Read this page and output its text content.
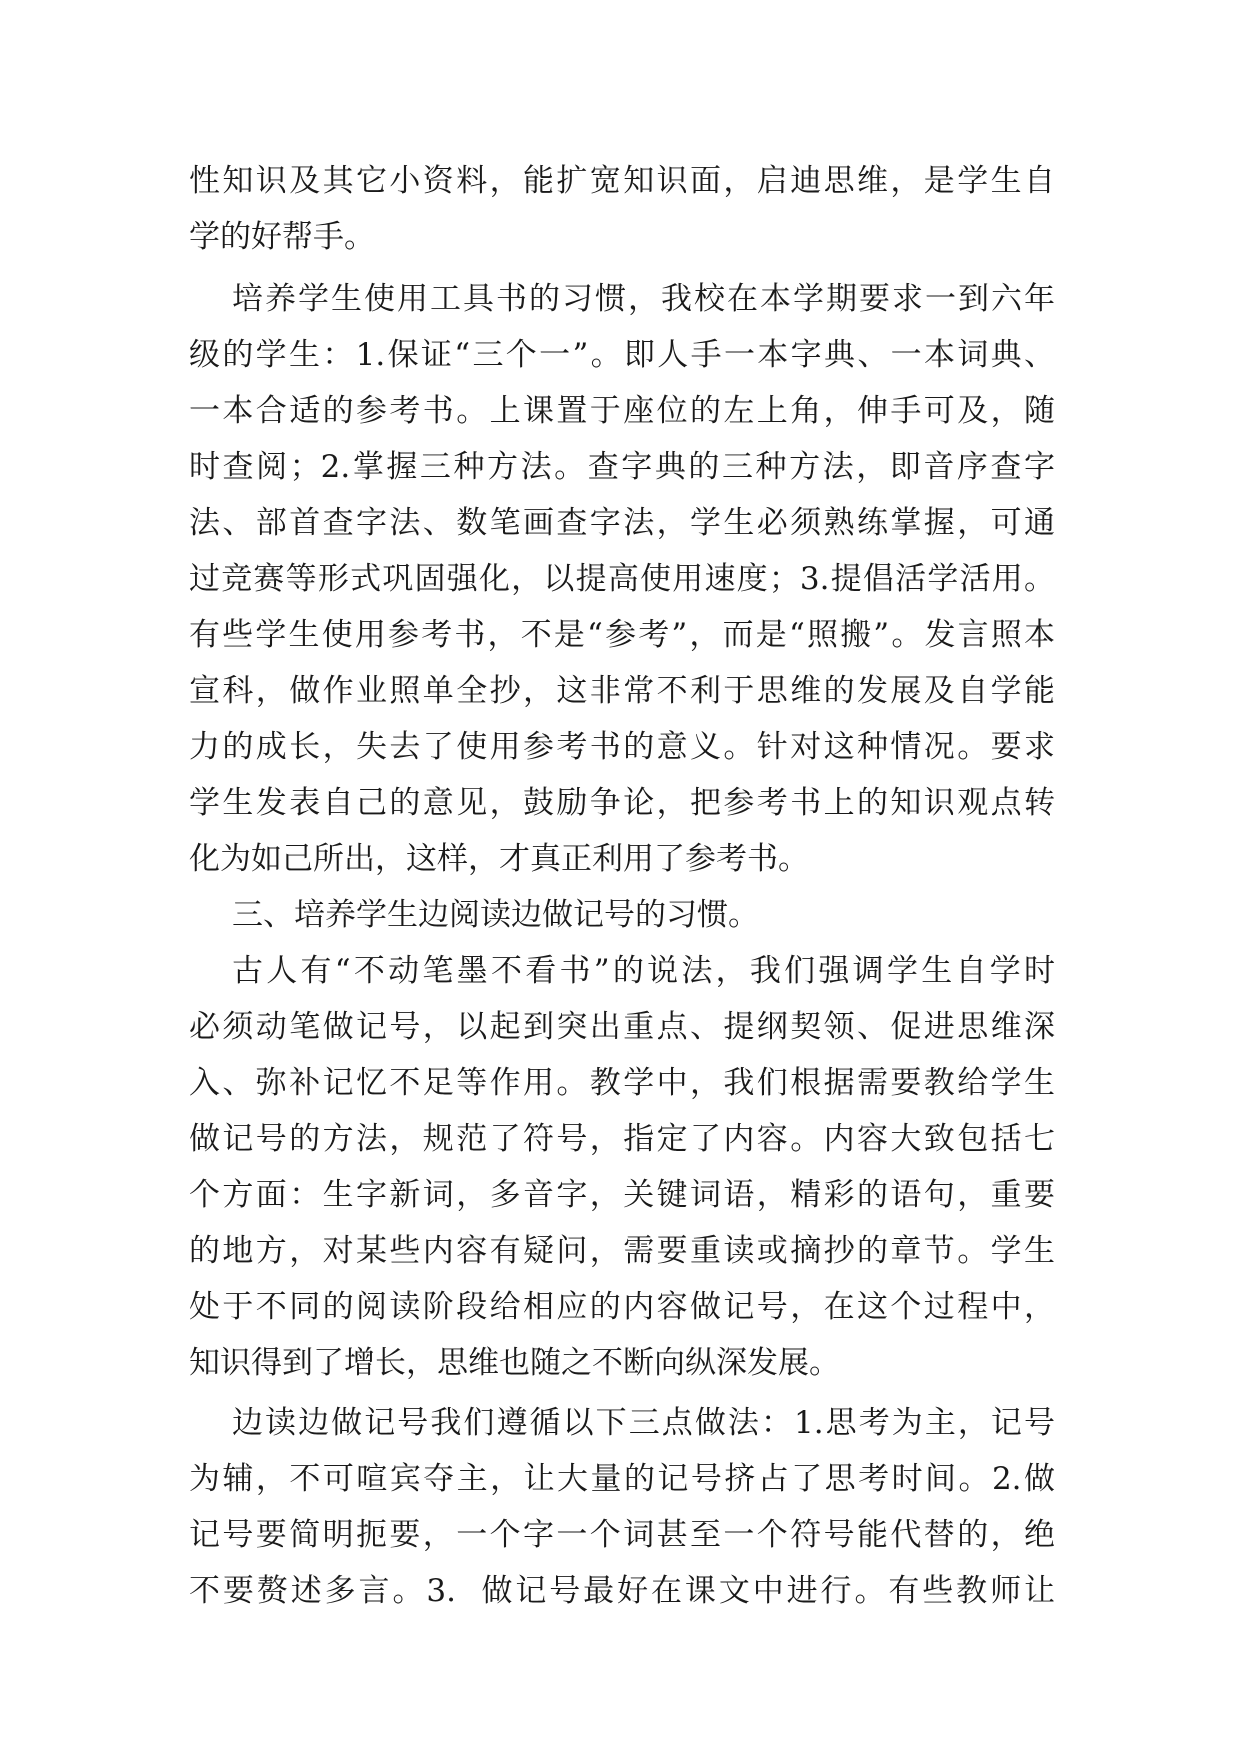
性知识及其它小资料，能扩宽知识面，启迪思维，是学生自

学的好帮手。

培养学生使用工具书的习惯，我校在本学期要求一到六年

级的学生：1.保证“三个一”。即人手一本字典、一本词典、

一本合适的参考书。上课置于座位的左上角，伸手可及，随

时查阅；2.掌握三种方法。查字典的三种方法，即音序查字

法、部首查字法、数笔画查字法，学生必须熟练掌握，可通

过竞赛等形式巩固强化，以提高使用速度；3.提倡活学活用。

有些学生使用参考书，不是“参考”，而是“照搬”。发言照本

宣科，做作业照单全抄，这非常不利于思维的发展及自学能

力的成长，失去了使用参考书的意义。针对这种情况。要求

学生发表自己的意见，鼓励争论，把参考书上的知识观点转

化为如己所出，这样，才真正利用了参考书。

三、培养学生边阅读边做记号的习惯。

古人有“不动笔墨不看书”的说法，我们强调学生自学时

必须动笔做记号，以起到突出重点、提纲契领、促进思维深

入、弥补记忆不足等作用。教学中，我们根据需要教给学生

做记号的方法，规范了符号，指定了内容。内容大致包括七

个方面：生字新词，多音字，关键词语，精彩的语句，重要

的地方，对某些内容有疑问，需要重读或摘抄的章节。学生

处于不同的阅读阶段给相应的内容做记号，在这个过程中，

知识得到了增长，思维也随之不断向纵深发展。

边读边做记号我们遵循以下三点做法：1.思考为主，记号

为辅，不可喧宾夺主，让大量的记号挤占了思考时间。2.做

记号要简明扼要，一个字一个词甚至一个符号能代替的，绝

不要赘述多言。3.  做记号最好在课文中进行。有些教师让
